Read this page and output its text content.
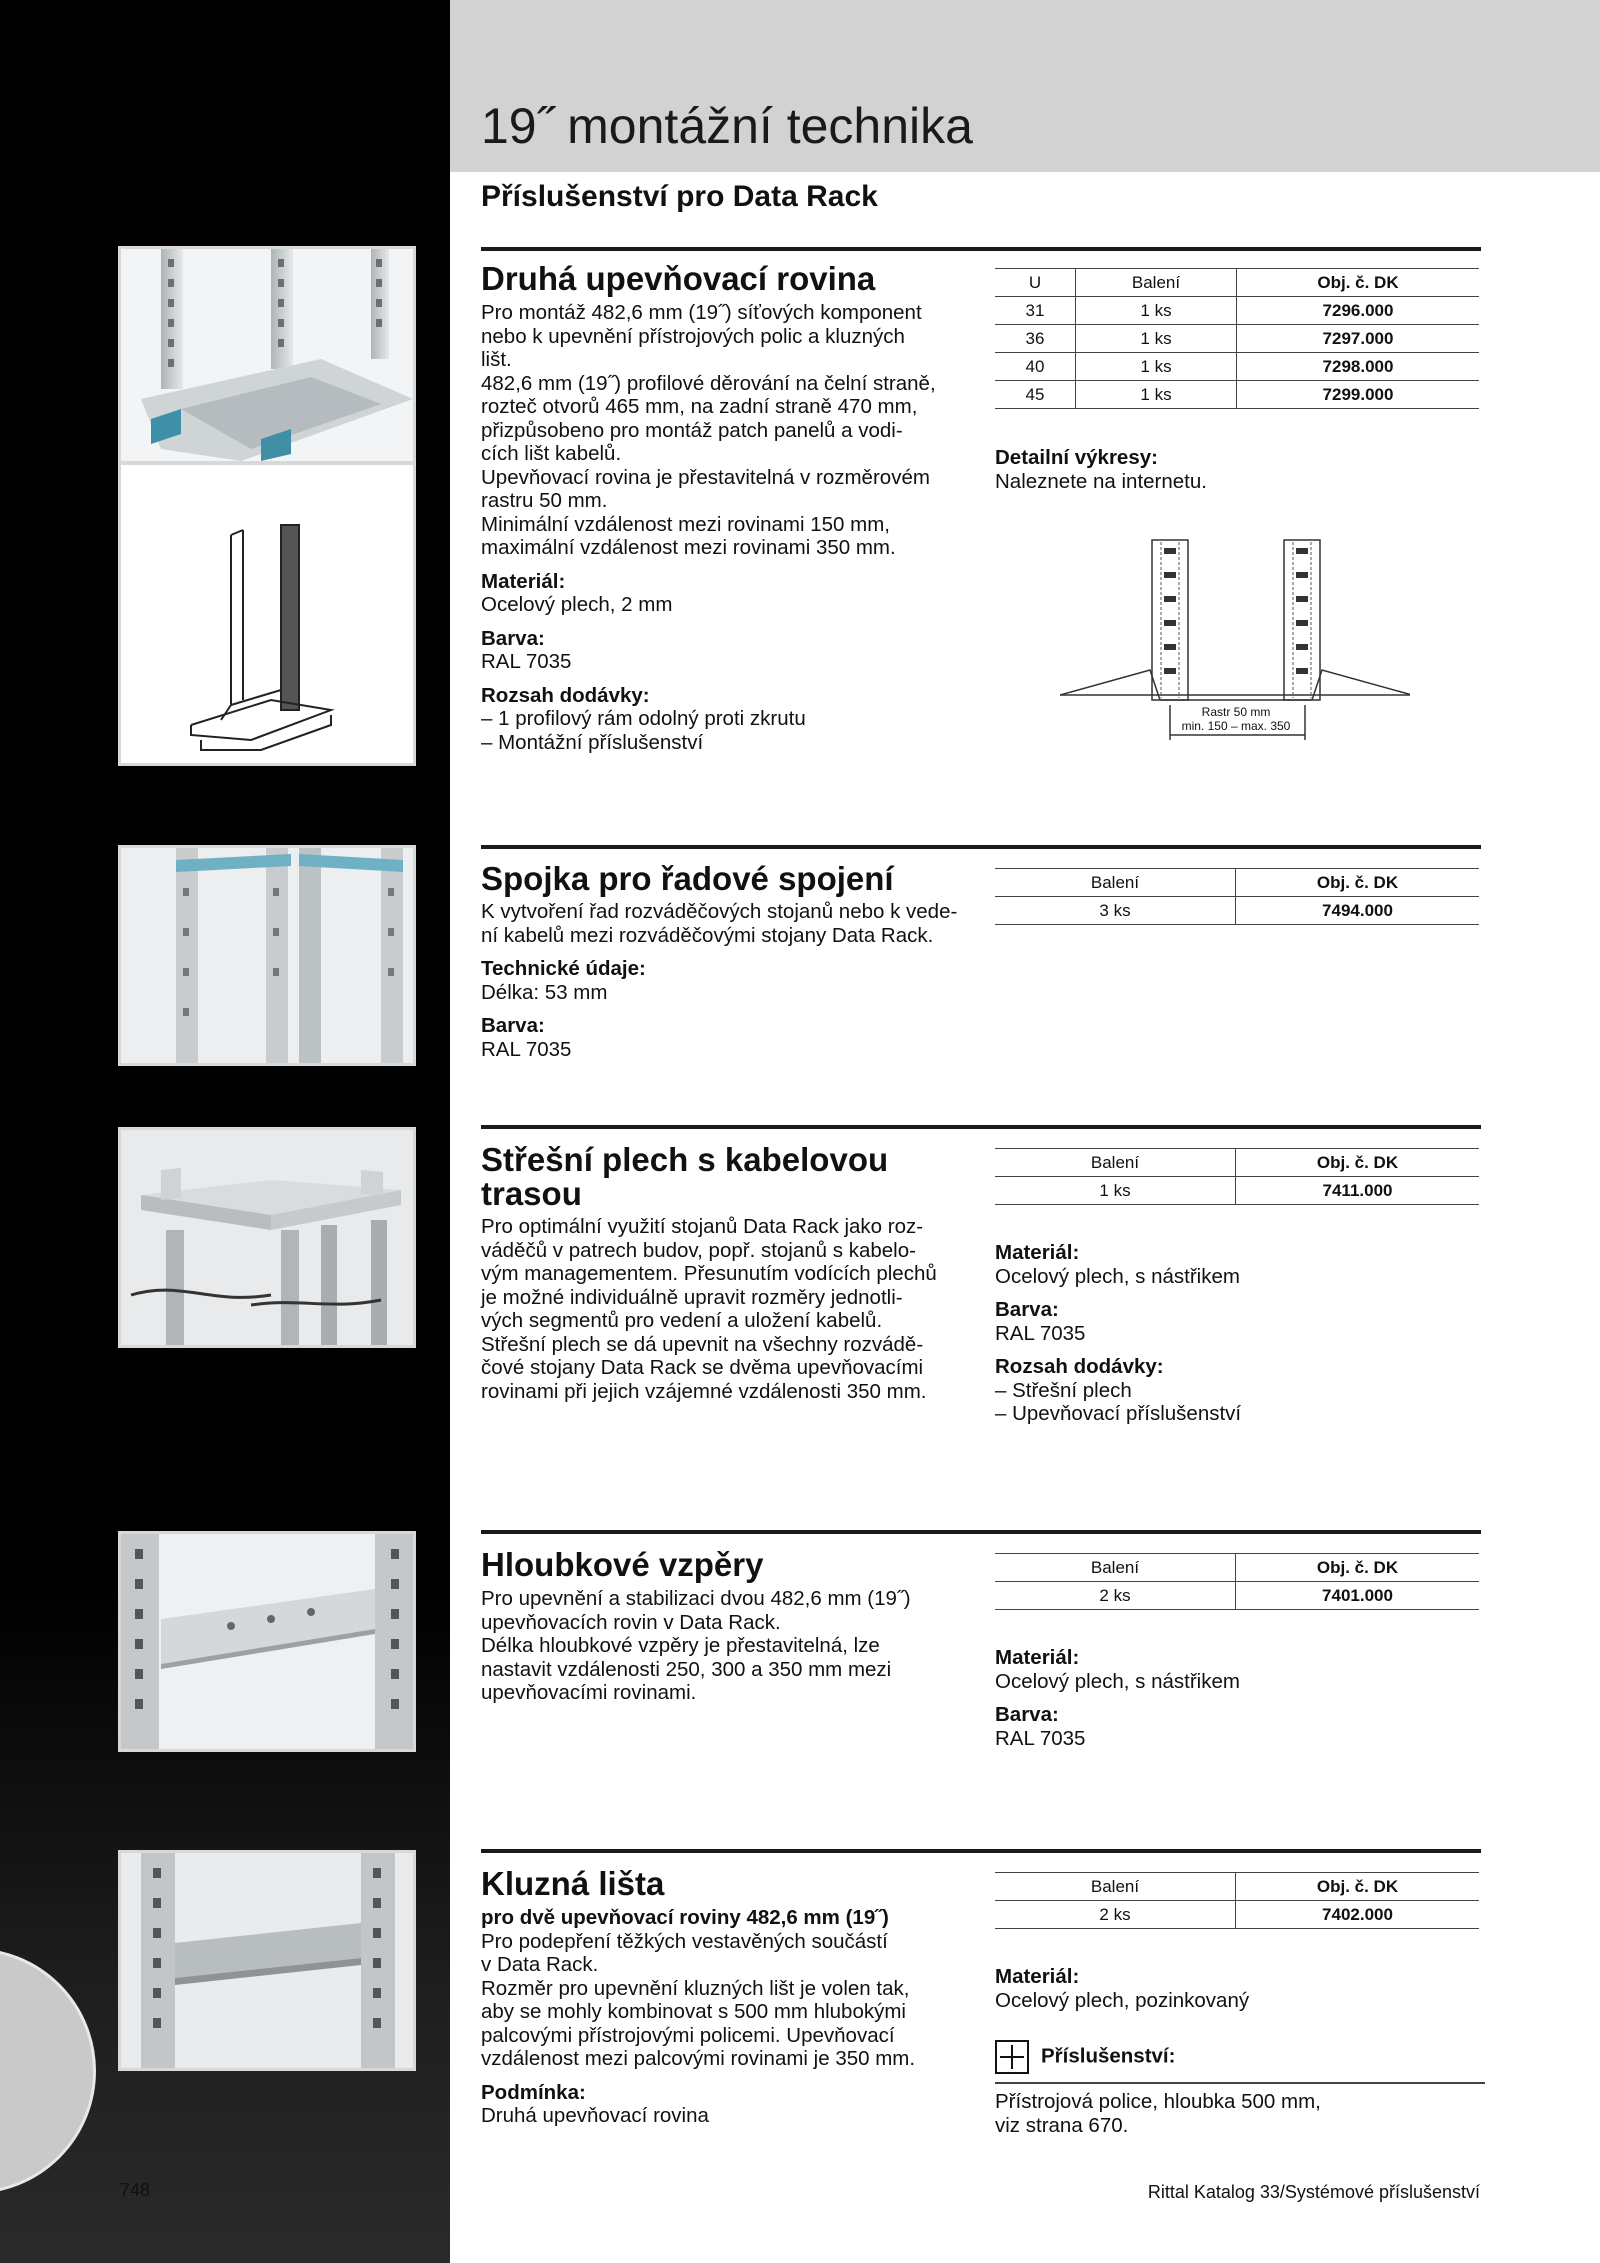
19˝ montážní technika
Příslušenství pro Data Rack
Druhá upevňovací rovina

Pro montáž 482,6 mm (19˝) síťových komponent

nebo k upevnění přístrojových polic a kluzných

lišt.

482,6 mm (19˝) profilové děrování na čelní straně,

rozteč otvorů 465 mm, na zadní straně 470 mm,

přizpůsobeno pro montáž patch panelů a vodi-

cích lišt kabelů.

Upevňovací rovina je přestavitelná v rozměrovém

rastru 50 mm.

Minimální vzdálenost mezi rovinami 150 mm,

maximální vzdálenost mezi rovinami 350 mm.

Materiál:

Ocelový plech, 2 mm

Barva:

RAL 7035

Rozsah dodávky:

– 1 profilový rám odolný proti zkrutu

– Montážní příslušenství

U	Balení	Obj. č. DK
31	1 ks	7296.000
36	1 ks	7297.000
40	1 ks	7298.000
45	1 ks	7299.000

Detailní výkresy:

Naleznete na internetu.

Rastr 50 mm
min. 150 – max. 350
Spojka pro řadové spojení

K vytvoření řad rozváděčových stojanů nebo k vede-

ní kabelů mezi rozváděčovými stojany Data Rack.

Technické údaje:

Délka: 53 mm

Barva:

RAL 7035

Balení	Obj. č. DK
3 ks	7494.000
Střešní plech s kabelovou
trasou

Pro optimální využití stojanů Data Rack jako roz-

váděčů v patrech budov, popř. stojanů s kabelo-

vým managementem. Přesunutím vodících plechů

je možné individuálně upravit rozměry jednotli-

vých segmentů pro vedení a uložení kabelů.

Střešní plech se dá upevnit na všechny rozvádě-

čové stojany Data Rack se dvěma upevňovacími

rovinami při jejich vzájemné vzdálenosti 350 mm.

Balení	Obj. č. DK
1 ks	7411.000

Materiál:

Ocelový plech, s nástřikem

Barva:

RAL 7035

Rozsah dodávky:

– Střešní plech

– Upevňovací příslušenství

Hloubkové vzpěry

Pro upevnění a stabilizaci dvou 482,6 mm (19˝)

upevňovacích rovin v Data Rack.

Délka hloubkové vzpěry je přestavitelná, lze

nastavit vzdálenosti 250, 300 a 350 mm mezi

upevňovacími rovinami.

Balení	Obj. č. DK
2 ks	7401.000

Materiál:

Ocelový plech, s nástřikem

Barva:

RAL 7035

Kluzná lišta

pro dvě upevňovací roviny 482,6 mm (19˝)

Pro podepření těžkých vestavěných součástí

v Data Rack.

Rozměr pro upevnění kluzných lišt je volen tak,

aby se mohly kombinovat s 500 mm hlubokými

palcovými přístrojovými policemi. Upevňovací

vzdálenost mezi palcovými rovinami je 350 mm.

Podmínka:

Druhá upevňovací rovina

Balení	Obj. č. DK
2 ks	7402.000

Materiál:

Ocelový plech, pozinkovaný

Příslušenství:

Přístrojová police, hloubka 500 mm,

viz strana 670.

748	Rittal Katalog 33/Systémové příslušenství
